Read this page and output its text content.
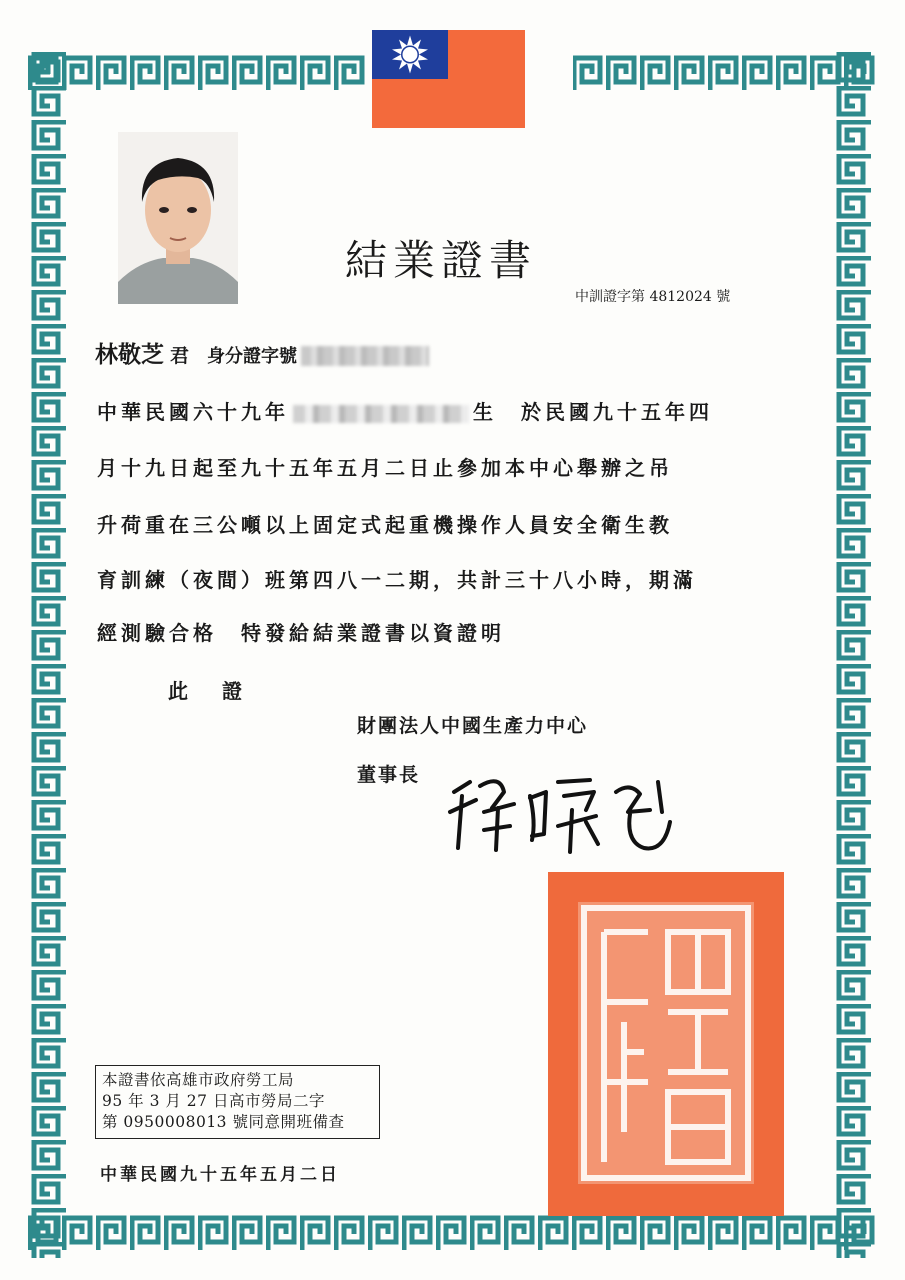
結業證書
中訓證字第 4812024 號
林敬芝 君 身分證字號
中華民國六十九年	生　於民國九十五年四
月十九日起至九十五年五月二日止參加本中心舉辦之吊
升荷重在三公噸以上固定式起重機操作人員安全衛生教
育訓練（夜間）班第四八一二期，共計三十八小時，期滿
經測驗合格　特發給結業證書以資證明
此證
財團法人中國生產力中心
董事長
本證書依高雄市政府勞工局
95 年 3 月 27 日高市勞局二字
第 0950008013 號同意開班備查
中華民國九十五年五月二日
